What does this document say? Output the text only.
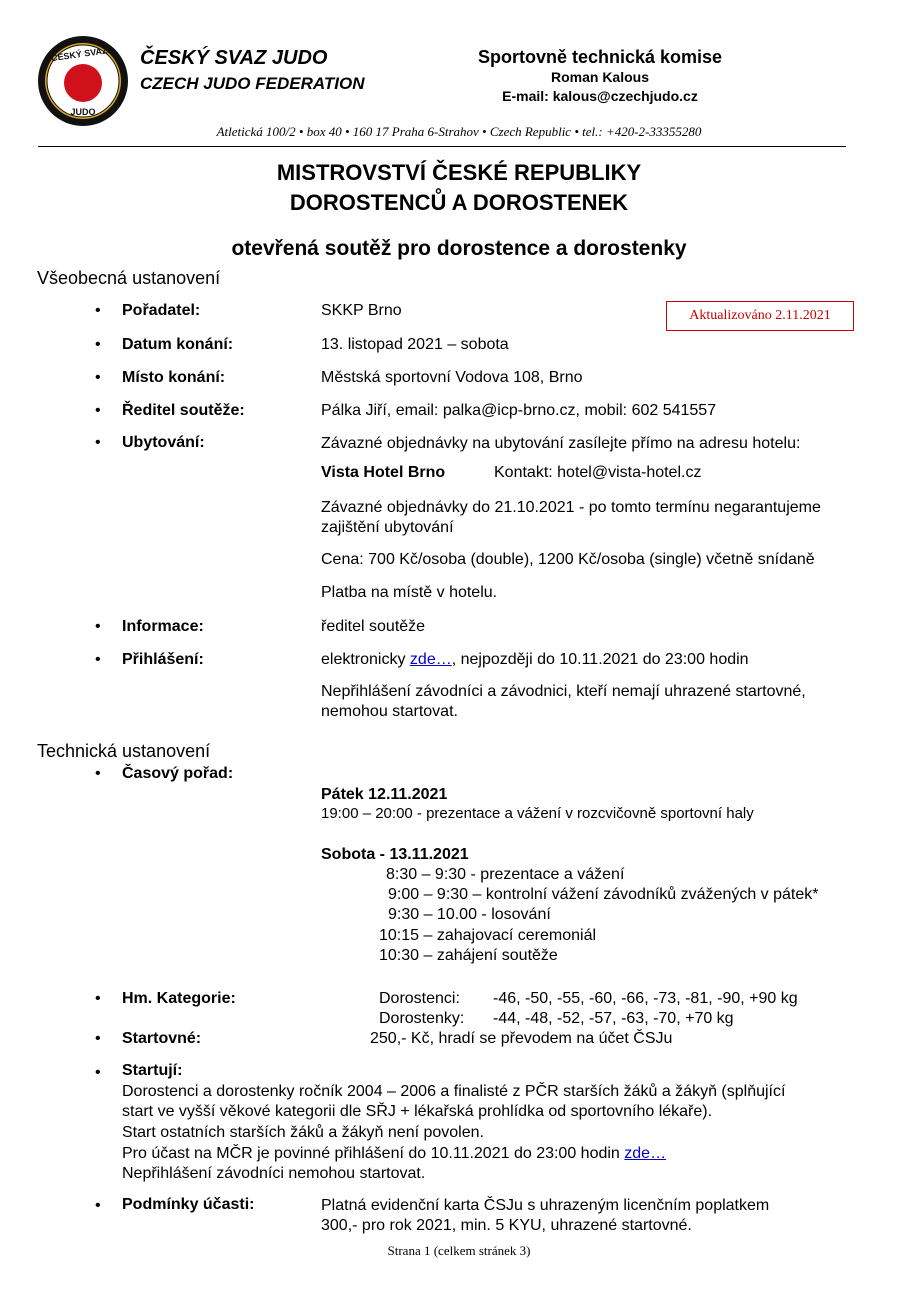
ČESKÝ SVAZ
JUDO
ČESKÝ SVAZ JUDO
CZECH JUDO FEDERATION
Sportovně technická komise
Roman Kalous
E-mail: kalous@czechjudo.cz
Atletická 100/2 • box 40 • 160 17 Praha 6-Strahov • Czech Republic • tel.: +420-2-33355280
MISTROVSTVÍ ČESKÉ REPUBLIKY
DOROSTENCŮ A DOROSTENEK
otevřená soutěž pro dorostence a dorostenky
Všeobecná ustanovení
Aktualizováno 2.11.2021
• Pořadatel:	SKKP Brno
• Datum konání:	13. listopad 2021 – sobota
• Místo konání:	Městská sportovní Vodova 108, Brno
• Ředitel soutěže:	Pálka Jiří, email: palka@icp-brno.cz, mobil: 602 541557
• Ubytování:	Závazné objednávky na ubytování zasílejte přímo na adresu hotelu:
Vista Hotel Brno	Kontakt: hotel@vista-hotel.cz
Závazné objednávky do 21.10.2021 - po tomto termínu negarantujeme
zajištění ubytování
Cena: 700 Kč/osoba (double), 1200 Kč/osoba (single) včetně snídaně
Platba na místě v hotelu.
• Informace:	ředitel soutěže
• Přihlášení:	elektronicky zde…, nejpozději do 10.11.2021 do 23:00 hodin
Nepřihlášení závodníci a závodnici, kteří nemají uhrazené startovné,
nemohou startovat.
Technická ustanovení
• Časový pořad:
Pátek 12.11.2021
19:00 – 20:00 - prezentace a vážení v rozcvičovně sportovní haly
Sobota - 13.11.2021
8:30 – 9:30 - prezentace a vážení
9:00 – 9:30 – kontrolní vážení závodníků zvážených v pátek*
9:30 – 10.00 - losování
10:15 – zahajovací ceremoniál
10:30 – zahájení soutěže
• Hm. Kategorie:	Dorostenci: -46, -50, -55, -60, -66, -73, -81, -90, +90 kg
Dorostenky: -44, -48, -52, -57, -63, -70, +70 kg
• Startovné:	250,- Kč, hradí se převodem na účet ČSJu
• Startují:
Dorostenci a dorostenky ročník 2004 – 2006 a finalisté z PČR starších žáků a žákyň (splňující
start ve vyšší věkové kategorii dle SŘJ + lékařská prohlídka od sportovního lékaře).
Start ostatních starších žáků a žákyň není povolen.
Pro účast na MČR je povinné přihlášení do 10.11.2021 do 23:00 hodin zde…
Nepřihlášení závodníci nemohou startovat.
• Podmínky účasti:	Platná evidenční karta ČSJu s uhrazeným licenčním poplatkem
300,- pro rok 2021, min. 5 KYU, uhrazené startovné.
Strana 1 (celkem stránek 3)
